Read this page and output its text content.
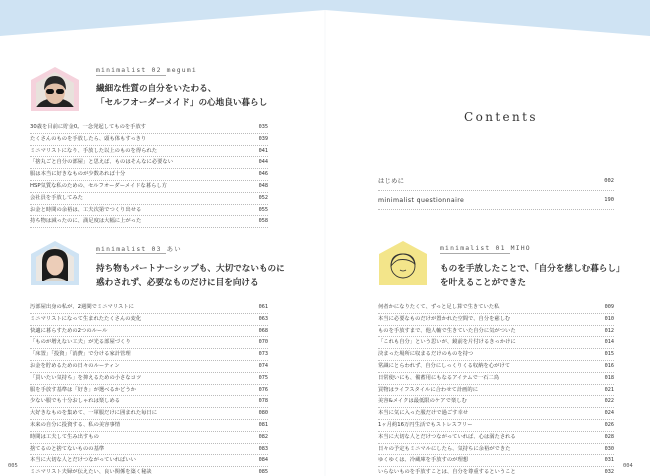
minimalist 02 megumi
繊細な性質の自分をいたわる、
「セルフオーダーメイド」の心地良い暮らし
30歳を目前に貯金0。一念発起してものを手放す	035
たくさんのものを手放したら、頭も体もすっきり	039
ミニマリストになり、手放した以上のものを得られた	041
「捨丸ごと自分の部屋」と思えば、ものはそんなに必要ない	044
服は本当に好きなものが少数あれば十分	046
HSP気質な私のための、セルフオーダーメイドな暮らし方	048
会社員を手放してみた	052
お金と時間の余裕は、工夫次第でつくり出せる	055
持ち物は減ったのに、満足度は大幅に上がった	058
minimalist 03 あい
持ち物もパートナーシップも、大切でないものに
惑わされず、必要なものだけに目を向ける
汚部屋出身の私が、2週間でミニマリストに	061
ミニマリストになって生まれたたくさんの変化	063
快適に暮らすための2つのルール	068
「ものが増えない工夫」が光る部屋づくり	070
「床置」「投資」「消費」で分ける家計管理	073
お金を貯めるための日々のルーティン	074
「買いたい気持ち」を抑えるための小さなコツ	075
服を手放す基準は「好き」が選べるかどうか	076
少ない服でも十分おしゃれは楽しめる	078
大好きなものを集めて、一軍服だけに囲まれた毎日に	080
未来の自分に投資する、私の美容事情	081
時間は工夫して生み出すもの	082
捨てるのと捨てないものの基準	083
本当に大切な人とだけつながっていればいい	084
ミニマリスト夫婦が伝えたい、良い関係を築く秘訣	085
Contents
はじめに	002
minimalist questionnaire	190
minimalist 01 MIHO
ものを手放したことで、「自分を慈しむ暮らし」
を叶えることができた
何者かになりたくて、ずっと足し算で生きていた私	009
本当に必要なものだけが置かれた空間で、自分を慈しむ	010
ものを手放すまで、他人軸で生きていた自分に気がついた	012
「これも自分」という思いが、鏡前を片付けるきっかけに	014
決まった場所に収まるだけのものを持つ	015
常識にとらわれず、自分にしっくりくる収納を心がけて	016
日常使いにも、備蓄用にもなるアイテムで一石二鳥	018
買物はライフスタイルに合わせて計画的に	021
美容&メイクは最低限のケアで楽しむ	022
本当に気に入った服だけで過ごす幸せ	024
1ヶ月約16万円生活でもストレスフリー	026
本当に大切な人とだけつながっていれば、心は満たされる	028
日々の予定もミニマルにしたら、気持ちに余裕ができた	030
ゆくゆくは、冷蔵庫を手放すのが理想	031
いらないものを手放すことは、自分を尊重するということ	032
005	004
